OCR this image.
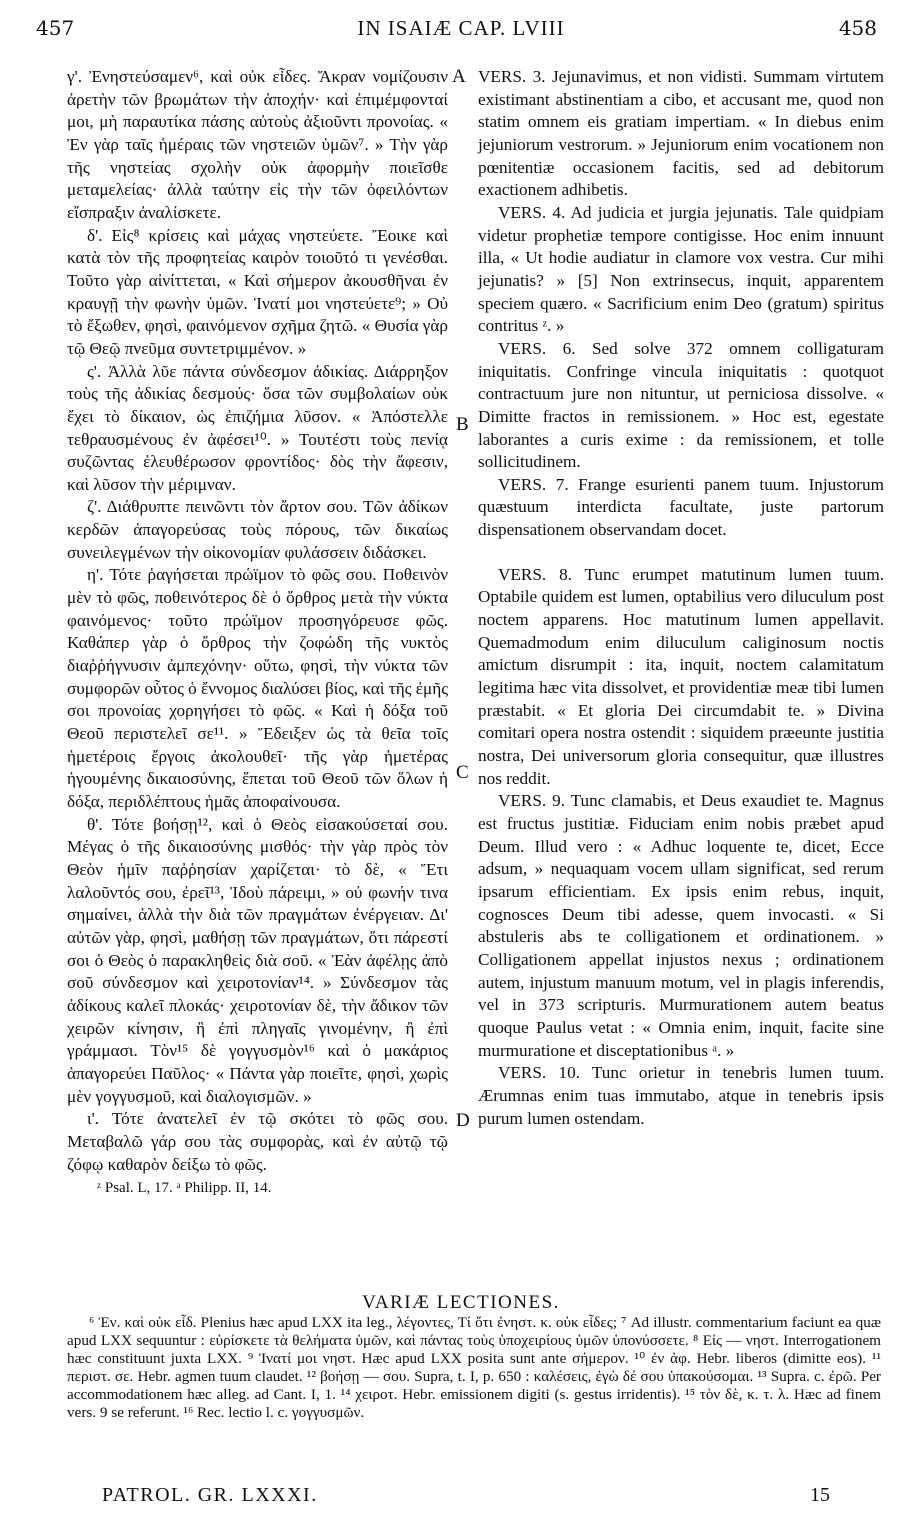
457	IN ISAIÆ CAP. LVIII	458

γ'. Ἐνηστεύσαμεν⁶, καὶ οὐκ εἶδες. Ἄκραν νομίζουσιν ἀρετὴν τῶν βρωμάτων τὴν ἀποχήν· καὶ ἐπιμέμφονταί μοι, μὴ παραυτίκα πάσης αὐτοὺς ἀξιοῦντι προνοίας. « Ἐν γὰρ ταῖς ἡμέραις τῶν νηστειῶν ὑμῶν⁷. » Τὴν γὰρ τῆς νηστείας σχολὴν οὐκ ἀφορμὴν ποιεῖσθε μεταμελείας· ἀλλὰ ταύτην εἰς τὴν τῶν ὀφειλόντων εἴσπραξιν ἀναλίσκετε.

δ'. Εἰς⁸ κρίσεις καὶ μάχας νηστεύετε. Ἔοικε καὶ κατὰ τὸν τῆς προφητείας καιρὸν τοιοῦτό τι γενέσθαι. Τοῦτο γὰρ αἰνίττεται, « Καὶ σήμερον ἀκουσθῆναι ἐν κραυγῇ τὴν φωνὴν ὑμῶν. Ἱνατί μοι νηστεύετε⁹; » Οὐ τὸ ἔξωθεν, φησὶ, φαινόμενον σχῆμα ζητῶ. « Θυσία γὰρ τῷ Θεῷ πνεῦμα συντετριμμένον. »

ς'. Ἀλλὰ λῦε πάντα σύνδεσμον ἀδικίας. Διάρρηξον τοὺς τῆς ἀδικίας δεσμούς· ὅσα τῶν συμβολαίων οὐκ ἔχει τὸ δίκαιον, ὡς ἐπιζήμια λῦσον. « Ἀπόστελλε τεθραυσμένους ἐν ἀφέσει¹⁰. » Τουτέστι τοὺς πενίᾳ συζῶντας ἐλευθέρωσον φροντίδος· δὸς τὴν ἄφεσιν, καὶ λῦσον τὴν μέριμναν.

ζ'. Διάθρυπτε πεινῶντι τὸν ἄρτον σου. Τῶν ἀδίκων κερδῶν ἀπαγορεύσας τοὺς πόρους, τῶν δικαίως συνειλεγμένων τὴν οἰκονομίαν φυλάσσειν διδάσκει.

η'. Τότε ῥαγήσεται πρώϊμον τὸ φῶς σου. Ποθεινὸν μὲν τὸ φῶς, ποθεινότερος δὲ ὁ ὄρθρος μετὰ τὴν νύκτα φαινόμενος· τοῦτο πρώϊμον προσηγόρευσε φῶς. Καθάπερ γὰρ ὁ ὄρθρος τὴν ζοφώδη τῆς νυκτὸς διαῤῥήγνυσιν ἀμπεχόνην· οὕτω, φησὶ, τὴν νύκτα τῶν συμφορῶν οὗτος ὁ ἔννομος διαλύσει βίος, καὶ τῆς ἐμῆς σοι προνοίας χορηγήσει τὸ φῶς. « Καὶ ἡ δόξα τοῦ Θεοῦ περιστελεῖ σε¹¹. » Ἔδειξεν ὡς τὰ θεῖα τοῖς ἡμετέροις ἔργοις ἀκολουθεῖ· τῆς γὰρ ἡμετέρας ἡγουμένης δικαιοσύνης, ἕπεται τοῦ Θεοῦ τῶν ὅλων ἡ δόξα, περιδλέπτους ἡμᾶς ἀποφαίνουσα.

θ'. Τότε βοήσῃ¹², καὶ ὁ Θεὸς εἰσακούσεταί σου. Μέγας ὁ τῆς δικαιοσύνης μισθός· τὴν γὰρ πρὸς τὸν Θεὸν ἡμῖν παῤῥησίαν χαρίζεται· τὸ δὲ, « Ἔτι λαλοῦντός σου, ἐρεῖ¹³, Ἰδοὺ πάρειμι, » οὐ φωνήν τινα σημαίνει, ἀλλὰ τὴν διὰ τῶν πραγμάτων ἐνέργειαν. Δι' αὐτῶν γὰρ, φησὶ, μαθήσῃ τῶν πραγμάτων, ὅτι πάρεστί σοι ὁ Θεὸς ὁ παρακληθεὶς διὰ σοῦ. « Ἐὰν ἀφέλῃς ἀπὸ σοῦ σύνδεσμον καὶ χειροτονίαν¹⁴. » Σύνδεσμον τὰς ἀδίκους καλεῖ πλοκάς· χειροτονίαν δὲ, τὴν ἄδικον τῶν χειρῶν κίνησιν, ἢ ἐπὶ πληγαῖς γινομένην, ἢ ἐπὶ γράμμασι. Τὸν¹⁵ δὲ γογγυσμὸν¹⁶ καὶ ὁ μακάριος ἀπαγορεύει Παῦλος· « Πάντα γὰρ ποιεῖτε, φησὶ, χωρὶς μὲν γογγυσμοῦ, καὶ διαλογισμῶν. »

ι'. Τότε ἀνατελεῖ ἐν τῷ σκότει τὸ φῶς σου. Μεταβαλῶ γάρ σου τὰς συμφορὰς, καὶ ἐν αὐτῷ τῷ ζόφῳ καθαρὸν δείξω τὸ φῶς.

ᶻ Psal. L, 17. ᵃ Philipp. II, 14.

A
B
C
D

VERS. 3. Jejunavimus, et non vidisti. Summam virtutem existimant abstinentiam a cibo, et accusant me, quod non statim omnem eis gratiam impertiam. « In diebus enim jejuniorum vestrorum. » Jejuniorum enim vocationem non pœnitentiæ occasionem facitis, sed ad debitorum exactionem adhibetis.

VERS. 4. Ad judicia et jurgia jejunatis. Tale quidpiam videtur prophetiæ tempore contigisse. Hoc enim innuunt illa, « Ut hodie audiatur in clamore vox vestra. Cur mihi jejunatis? » [5] Non extrinsecus, inquit, apparentem speciem quæro. « Sacrificium enim Deo (gratum) spiritus contritus ᶻ. »

VERS. 6. Sed solve 372 omnem colligaturam iniquitatis. Confringe vincula iniquitatis : quotquot contractuum jure non nituntur, ut perniciosa dissolve. « Dimitte fractos in remissionem. » Hoc est, egestate laborantes a curis exime : da remissionem, et tolle sollicitudinem.

VERS. 7. Frange esurienti panem tuum. Injustorum quæstuum interdicta facultate, juste partorum dispensationem observandam docet.

VERS. 8. Tunc erumpet matutinum lumen tuum. Optabile quidem est lumen, optabilius vero diluculum post noctem apparens. Hoc matutinum lumen appellavit. Quemadmodum enim diluculum caliginosum noctis amictum disrumpit : ita, inquit, noctem calamitatum legitima hæc vita dissolvet, et providentiæ meæ tibi lumen præstabit. « Et gloria Dei circumdabit te. » Divina comitari opera nostra ostendit : siquidem præeunte justitia nostra, Dei universorum gloria consequitur, quæ illustres nos reddit.

VERS. 9. Tunc clamabis, et Deus exaudiet te. Magnus est fructus justitiæ. Fiduciam enim nobis præbet apud Deum. Illud vero : « Adhuc loquente te, dicet, Ecce adsum, » nequaquam vocem ullam significat, sed rerum ipsarum efficientiam. Ex ipsis enim rebus, inquit, cognosces Deum tibi adesse, quem invocasti. « Si abstuleris abs te colligationem et ordinationem. » Colligationem appellat injustos nexus ; ordinationem autem, injustum manuum motum, vel in plagis inferendis, vel in 373 scripturis. Murmurationem autem beatus quoque Paulus vetat : « Omnia enim, inquit, facite sine murmuratione et disceptationibus ᵃ. »

VERS. 10. Tunc orietur in tenebris lumen tuum. Ærumnas enim tuas immutabo, atque in tenebris ipsis purum lumen ostendam.

VARIÆ LECTIONES.
⁶ Ἐν. καὶ οὐκ εἶδ. Plenius hæc apud LXX ita leg., λέγοντες, Τί ὅτι ἐνηστ. κ. οὐκ εἶδες; ⁷ Ad illustr. commentarium faciunt ea quæ apud LXX sequuntur : εὑρίσκετε τὰ θελήματα ὑμῶν, καὶ πάντας τοὺς ὑποχειρίους ὑμῶν ὑπονύσσετε. ⁸ Εἰς — νηστ. Interrogationem hæc constituunt juxta LXX. ⁹ Ἱνατί μοι νηστ. Hæc apud LXX posita sunt ante σήμερον. ¹⁰ ἐν ἀφ. Hebr. liberos (dimitte eos). ¹¹ περιστ. σε. Hebr. agmen tuum claudet. ¹² βοήσῃ — σου. Supra, t. I, p. 650 : καλέσεις, ἐγὼ δέ σου ὑπακούσομαι. ¹³ Supra. c. ἐρῶ. Per accommodationem hæc alleg. ad Cant. I, 1. ¹⁴ χειροτ. Hebr. emissionem digiti (s. gestus irridentis). ¹⁵ τὸν δὲ, κ. τ. λ. Hæc ad finem vers. 9 se referunt. ¹⁶ Rec. lectio l. c. γογγυσμῶν.
PATROL. GR. LXXXI.	15
